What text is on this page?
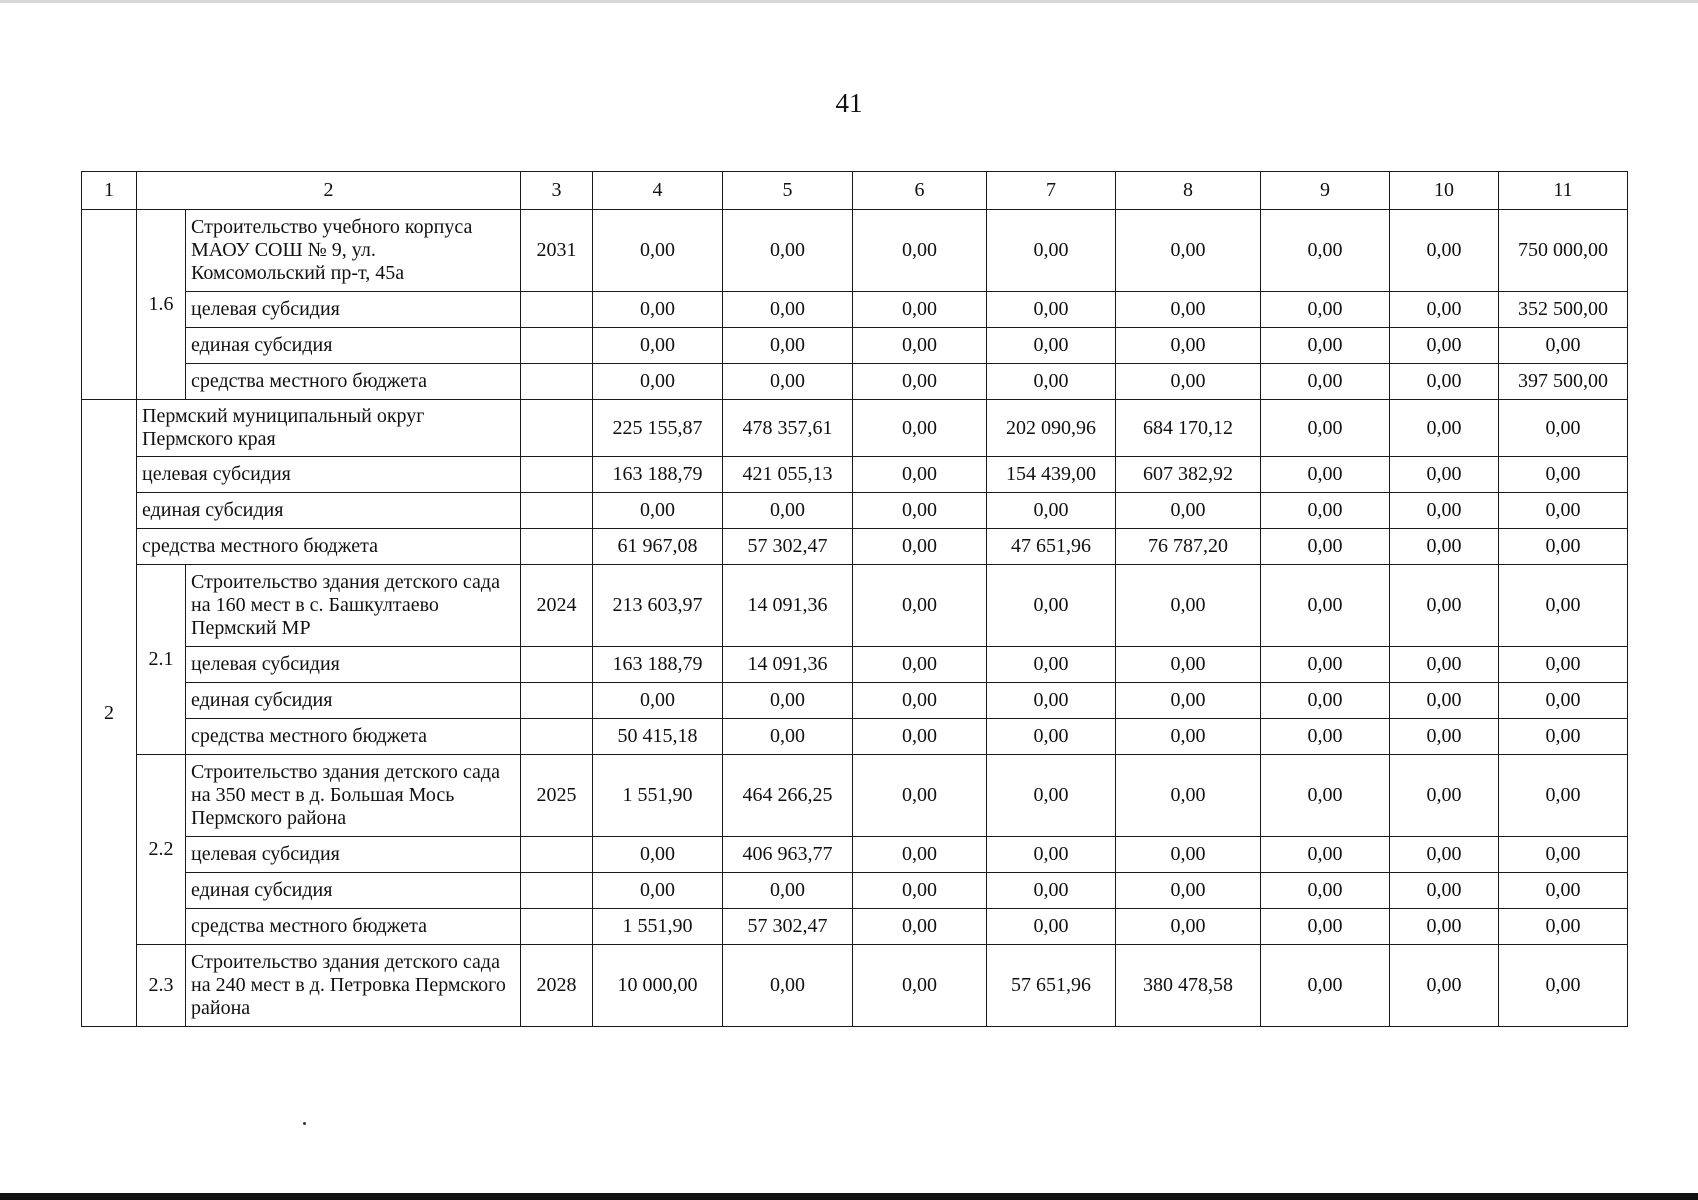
41
1	2		3	4	5	6	7	8	9	10	11
	1.6	Строительство учебного корпуса МАОУ СОШ № 9, ул. Комсомольский пр-т, 45а	2031	0,00	0,00	0,00	0,00	0,00	0,00	0,00	750 000,00
		целевая субсидия		0,00	0,00	0,00	0,00	0,00	0,00	0,00	352 500,00
		единая субсидия		0,00	0,00	0,00	0,00	0,00	0,00	0,00	0,00
		средства местного бюджета		0,00	0,00	0,00	0,00	0,00	0,00	0,00	397 500,00
2	Пермский муниципальный округ Пермского края			225 155,87	478 357,61	0,00	202 090,96	684 170,12	0,00	0,00	0,00
	целевая субсидия			163 188,79	421 055,13	0,00	154 439,00	607 382,92	0,00	0,00	0,00
	единая субсидия			0,00	0,00	0,00	0,00	0,00	0,00	0,00	0,00
	средства местного бюджета			61 967,08	57 302,47	0,00	47 651,96	76 787,20	0,00	0,00	0,00
	2.1	Строительство здания детского сада на 160 мест в с. Башкултаево Пермский МР	2024	213 603,97	14 091,36	0,00	0,00	0,00	0,00	0,00	0,00
		целевая субсидия		163 188,79	14 091,36	0,00	0,00	0,00	0,00	0,00	0,00
		единая субсидия		0,00	0,00	0,00	0,00	0,00	0,00	0,00	0,00
		средства местного бюджета		50 415,18	0,00	0,00	0,00	0,00	0,00	0,00	0,00
	2.2	Строительство здания детского сада на 350 мест в д. Большая Мось Пермского района	2025	1 551,90	464 266,25	0,00	0,00	0,00	0,00	0,00	0,00
		целевая субсидия		0,00	406 963,77	0,00	0,00	0,00	0,00	0,00	0,00
		единая субсидия		0,00	0,00	0,00	0,00	0,00	0,00	0,00	0,00
		средства местного бюджета		1 551,90	57 302,47	0,00	0,00	0,00	0,00	0,00	0,00
	2.3	Строительство здания детского сада на 240 мест в д. Петровка Пермского района	2028	10 000,00	0,00	0,00	57 651,96	380 478,58	0,00	0,00	0,00
